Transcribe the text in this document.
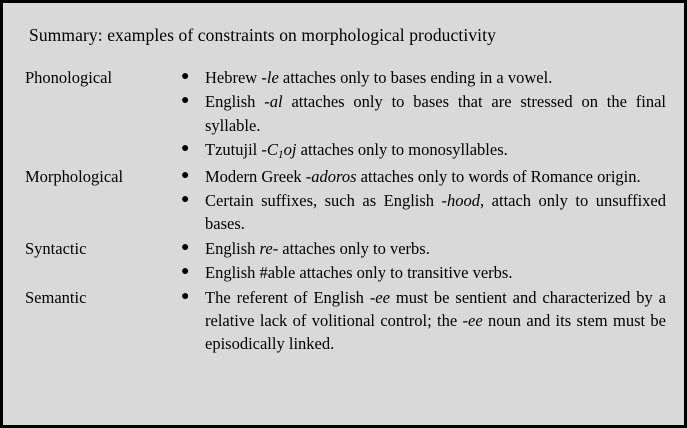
Summary: examples of constraints on morphological productivity
Phonological	● Hebrew -le attaches only to bases ending in a vowel.
● English -al attaches only to bases that are stressed on the final syllable.
● Tzutujil $-C_1oj$ attaches only to monosyllables.

Morphological	● Modern Greek -adoros attaches only to words of Romance origin.
● Certain suffixes, such as English -hood, attach only to unsuffixed bases.

Syntactic	● English re- attaches only to verbs.
● English #able attaches only to transitive verbs.

Semantic	● The referent of English -ee must be sentient and characterized by a relative lack of volitional control; the -ee noun and its stem must be episodically linked.
